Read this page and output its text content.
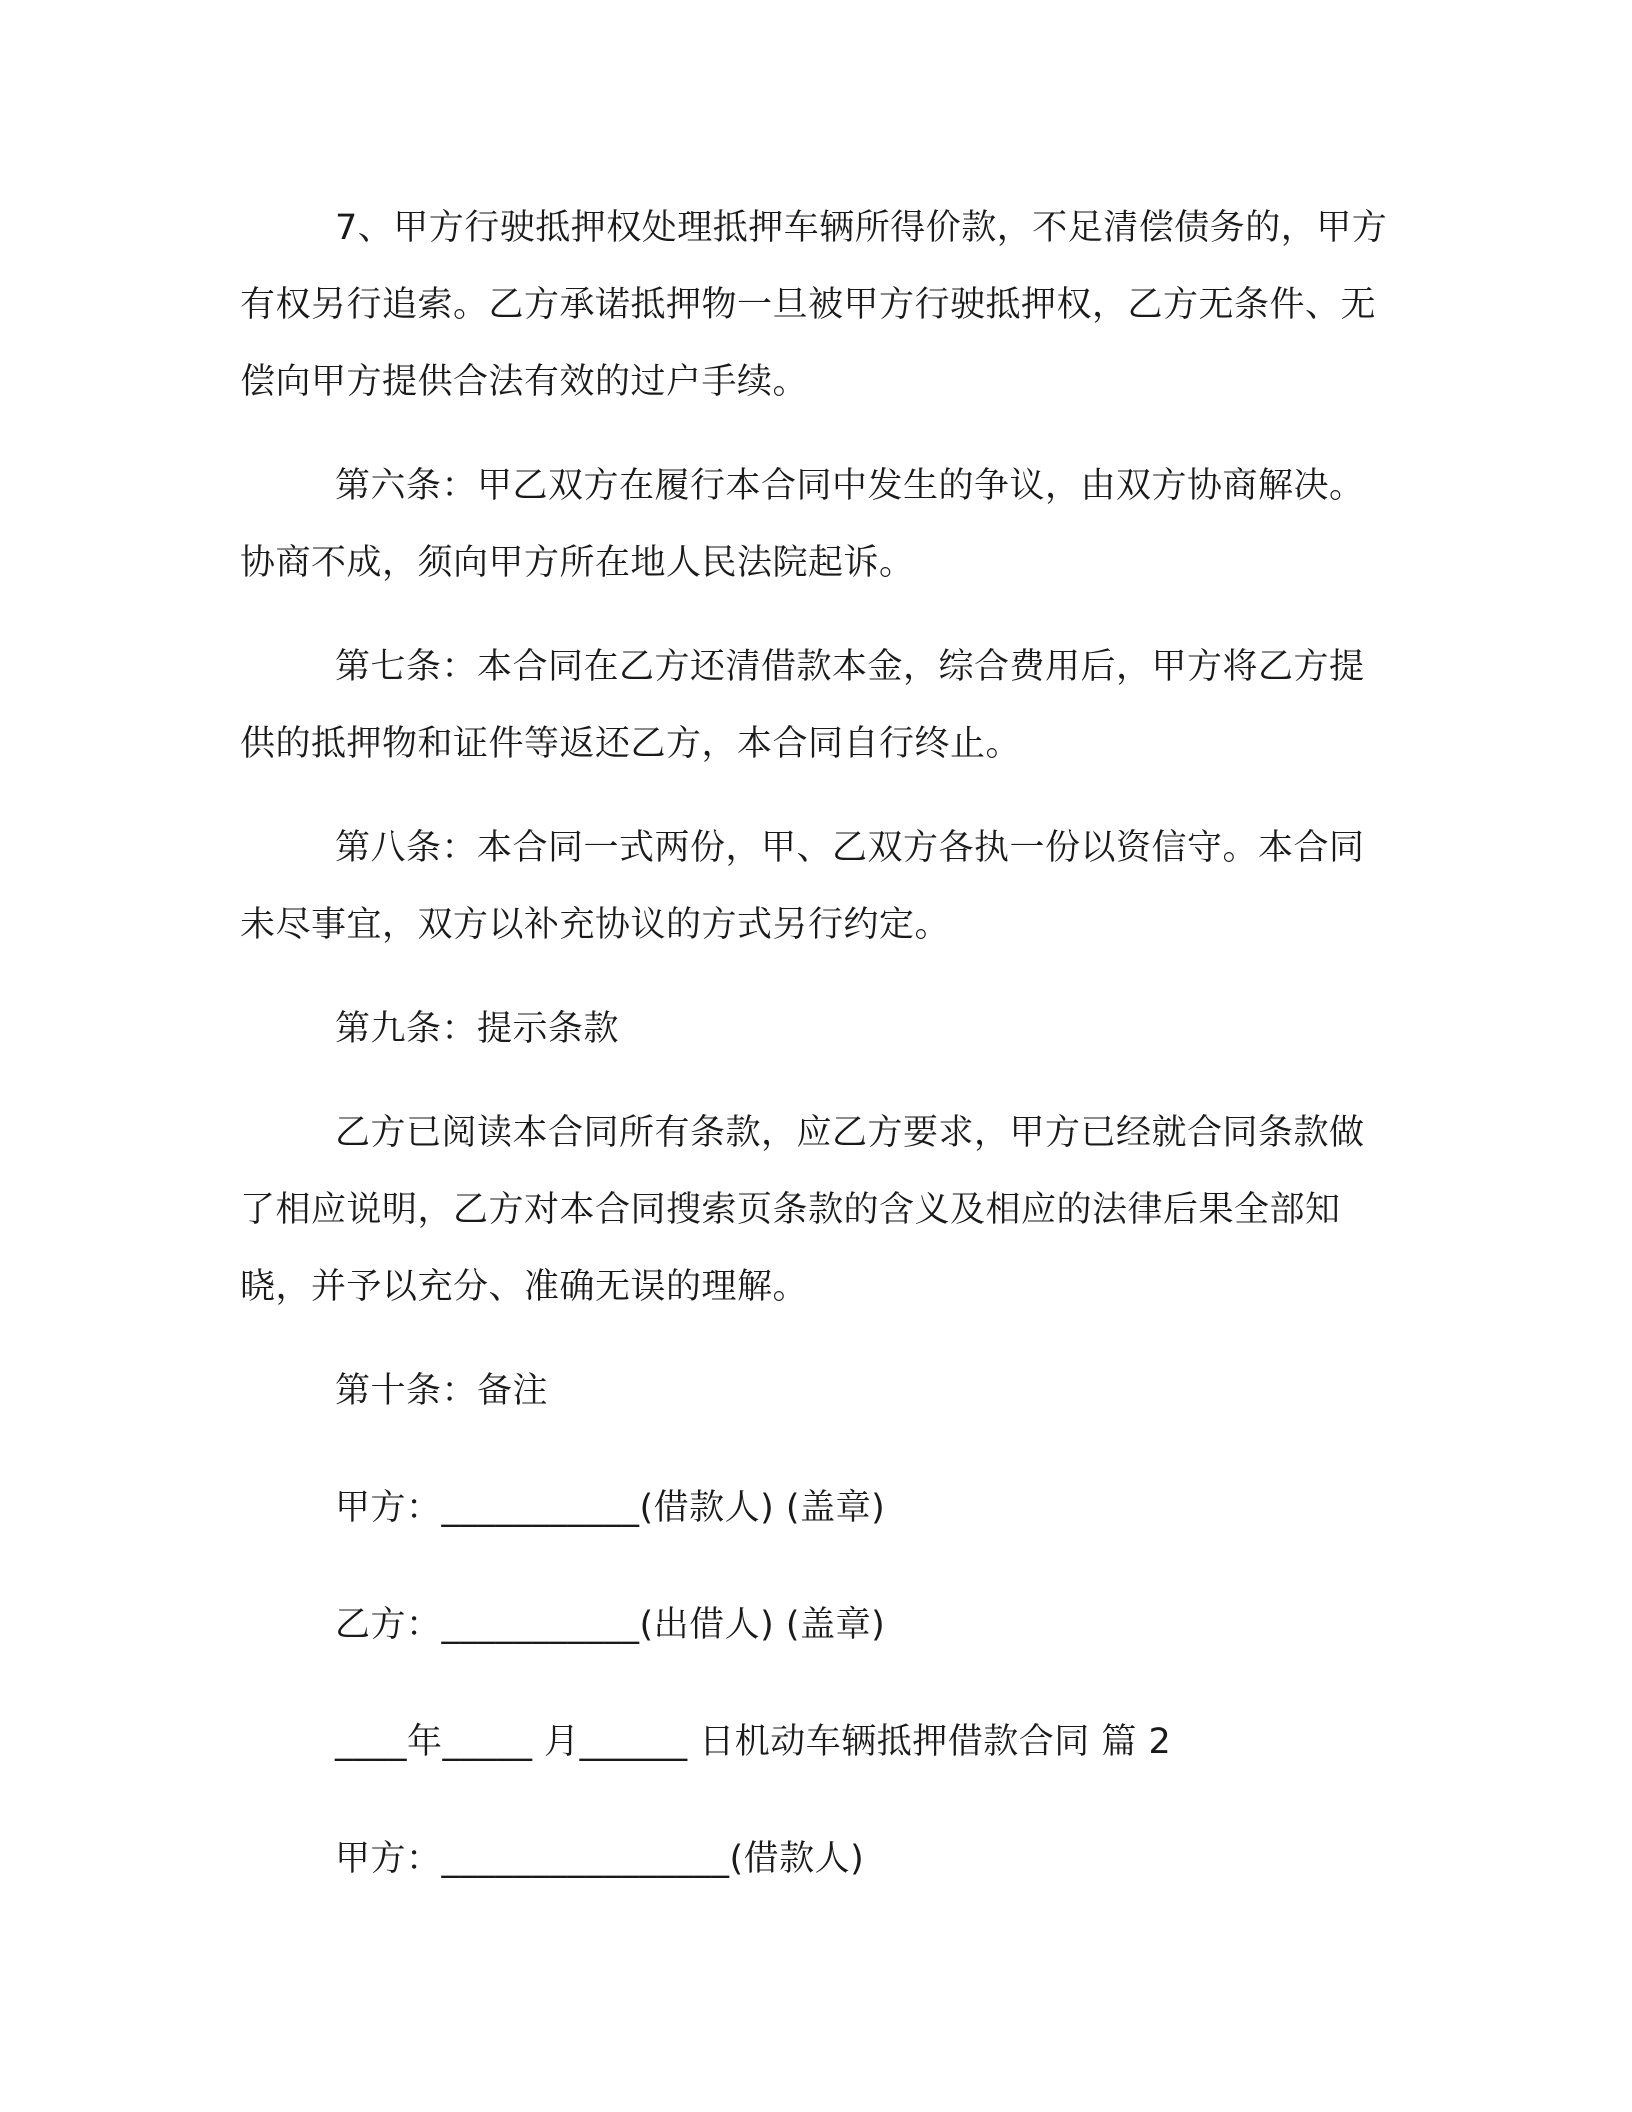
7、甲方行驶抵押权处理抵押车辆所得价款，不足清偿债务的，甲方有权另行追索。乙方承诺抵押物一旦被甲方行驶抵押权，乙方无条件、无偿向甲方提供合法有效的过户手续。

第六条：甲乙双方在履行本合同中发生的争议，由双方协商解决。协商不成，须向甲方所在地人民法院起诉。

第七条：本合同在乙方还清借款本金，综合费用后，甲方将乙方提供的抵押物和证件等返还乙方，本合同自行终止。

第八条：本合同一式两份，甲、乙双方各执一份以资信守。本合同未尽事宜，双方以补充协议的方式另行约定。

第九条：提示条款

乙方已阅读本合同所有条款，应乙方要求，甲方已经就合同条款做了相应说明，乙方对本合同搜索页条款的含义及相应的法律后果全部知晓，并予以充分、准确无误的理解。

第十条：备注

甲方：___________(借款人) (盖章)

乙方：___________(出借人) (盖章)

____年_____ 月______ 日机动车辆抵押借款合同 篇 2

甲方：________________(借款人)
